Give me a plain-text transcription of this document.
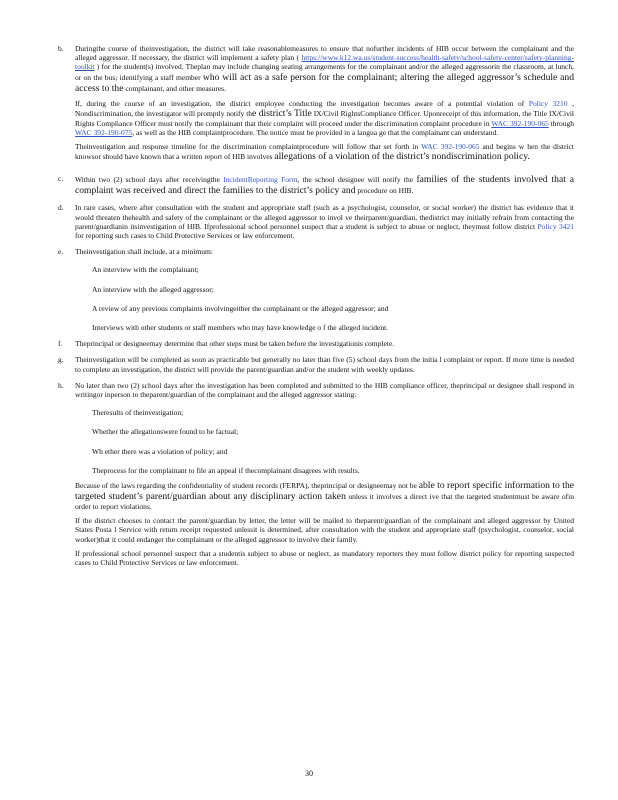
b.	Duringthe course of theinvestigation, the district will take reasonablemeasures to ensure that nofurther incidents of HIB occur between the complainant and the alleged aggressor. If necessary, the district will implement a safety plan ( https://www.k12.wa.us/student-success/health-safety/school-safety-center/safety-planning-toolkit ) for the student(s) involved. Theplan may include changing seating arrangements for the complainant and/or the alleged aggressorin the classroom, at lunch, or on the bus; identifying a staff member who will act as a safe person for the complainant; altering the alleged aggressor’s schedule and access to the complainant, and other measures.

If, during the course of an investigation, the district employee conducting the investigation becomes aware of a potential violation of Policy 3210 , Nondiscrimination, the investigator will promptly notify the district’s Title IX/Civil RightsCompliance Officer. Uponreceipt of this information, the Title IX/Civil Rights Compliance Officer must notify the complainant that their complaint will proceed under the discrimination complaint procedure in WAC 392-190-065 through WAC 392-190-075, as well as the HIB complaintprocedure. The notice must be provided in a langua ge that the complainant can understand.

Theinvestigation and response timeline for the discrimination complaintprocedure will follow that set forth in WAC 392-190-065 and begins w hen the district knowsor should have known that a written report of HIB involves allegations of a violation of the district’s nondiscrimination policy.

c.	Within two (2) school days after receivingthe IncidentReporting Form, the school designee will notify the families of the students involved that a complaint was received and direct the families to the district’s policy and procedure on HIB.
d.	In rare cases, where after consultation with the student and appropriate staff (such as a psychologist, counselor, or social worker) the district has evidence that it would threaten thehealth and safety of the complainant or the alleged aggressor to invol ve theirparent/guardian, thedistrict may initially refrain from contacting the parent/guardianin itsinvestigation of HIB. Ifprofessional school personnel suspect that a student is subject to abuse or neglect, theymust follow district Policy 3421 for reporting such cases to Child Protective Services or law enforcement.
e.	Theinvestigation shall include, at a minimum:

An interview with the complainant;
An interview with the alleged aggressor;
A review of any previous complaints involvingeither the complainant or the alleged aggressor; and
Interviews with other students or staff members who may have knowledge o f the alleged incident.
f.	Theprincipal or designeemay determine that other steps must be taken before the investigationis complete.
g.	Theinvestigation will be completed as soon as practicable but generally no later than five (5) school days from the initia l complaint or report. If more time is needed to complete an investigation, the district will provide the parent/guardian and/or the student with weekly updates.
h.	No later than two (2) school days after the investigation has been completed and submitted to the HIB compliance officer, theprincipal or designee shall respond in writingor inperson to theparent/guardian of the complainant and the alleged aggressor stating:

Theresults of theinvestigation;
Whether the allegationswere found to be factual;
Wh ether there was a violation of policy; and
Theprocess for the complainant to file an appeal if thecomplainant disagrees with results.

Because of the laws regarding the confidentiality of student records (FERPA), theprincipal or designeemay not be able to report specific information to the targeted student’s parent/guardian about any disciplinary action taken unless it involves a direct ive that the targeted studentmust be aware ofin order to report violations.

If the district chooses to contact the parent/guardian by letter, the letter will be mailed to theparent/guardian of the complainant and alleged aggressor by United States Posta l Service with return receipt requested unlessit is determined, after consultation with the student and appropriate staff (psychologist, counselor, social worker)that it could endanger the complainant or the alleged aggressor to involve their family.

If professional school personnel suspect that a studentis subject to abuse or neglect, as mandatory reporters they must follow district policy for reporting suspected cases to Child Protective Services or law enforcement.

30
